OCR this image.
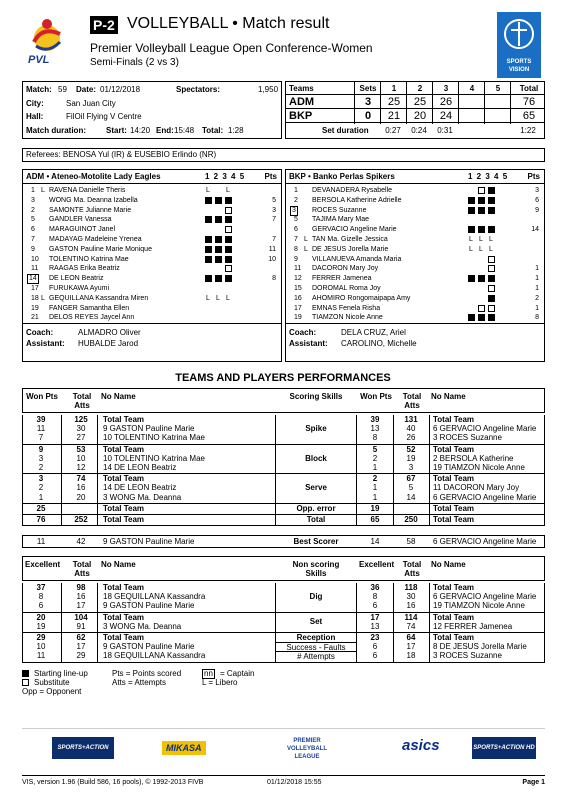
PVL
P-2 VOLLEYBALL • Match result
Premier Volleyball League Open Conference-Women
Semi-Finals (2 vs 3)	SPORTS VISION
Match: 59 Date: 01/12/2018	Spectators:	1,950
City:	San Juan City
Hall:	FilOil Flying V Centre
Match duration:	Start: 14:20 End: 15:48 Total: 1:28
Teams	Sets	1	2	3	4	5	Total
ADM	3	25	25	26	76
BKP	0	21	20	24	65
Set duration	0:27	0:24	0:31	1:22
Referees: BENOSA Yul (IR) & EUSEBIO Erlindo (NR)
ADM • Ateneo-Motolite Lady Eagles	1 2 3 4 5 Pts
1 L RAVENA Danielle Theris	L L
3 WONG Ma. Deanna Izabella	5
2 SAMONTE Julianne Marie	3
5 GANDLER Vanessa	7
6 MARAGUINOT Janel
7 MADAYAG Madeleine Yrenea	7
9 GASTON Pauline Marie Monique	11
10 TOLENTINO Katrina Mae	10
11 RAAGAS Erika Beatriz
14 DE LEON Beatriz	8
17 FURUKAWA Ayumi
18 L GEQUILLANA Kassandra Miren	L L L
19 FANGER Samantha Ellen
21 DELOS REYES Jaycel Ann
Coach:	ALMADRO Oliver
Assistant: HUBALDE Jarod
BKP • Banko Perlas Spikers	1 2 3 4 5 Pts
1 DEVANADERA Rysabelle	3
2 BERSOLA Katherine Adrielle	6
3 ROCES Suzanne	9
5 TAJIMA Mary Mae
6 GERVACIO Angeline Marie	14
7 L TAN Ma. Gizelle Jessica	L L L
8 L DE JESUS Jorella Marie	L L L
9 VILLANUEVA Amanda Maria
11 DACORON Mary Joy	1
12 FERRER Jamenea	1
15 DOROMAL Roma Joy	1
16 AHOMIRO Rongomaipapa Amy	2
17 EMNAS Fenela Risha	1
19 TIAMZON Nicole Anne	8
Coach:	DELA CRUZ, Ariel
Assistant: CAROLINO, Michelle
TEAMS AND PLAYERS PERFORMANCES
Won Pts	Total Atts
No Name	Scoring Skills	Won Pts	Total Atts
No Name
39	125	Total Team	39	131	Total Team
11	30	9 GASTON Pauline Marie	13	40	6 GERVACIO Angeline Marie
7	27	10 TOLENTINO Katrina Mae	8	26	3 ROCES Suzanne
Spike
9	53	Total Team	5	52	Total Team
3	10	10 TOLENTINO Katrina Mae	2	19	2 BERSOLA Katherine
2	12	14 DE LEON Beatriz	1	3	19 TIAMZON Nicole Anne
Block
3	74	Total Team	2	67	Total Team
2	16	14 DE LEON Beatriz	1	5	11 DACORON Mary Joy
1	20	3 WONG Ma. Deanna	1	14	6 GERVACIO Angeline Marie
Serve
25	Total Team	19	Total Team
Opp. error
76	252	Total Team	65	250	Total Team
Total
11	42	9 GASTON Pauline Marie	Best Scorer	14	58	6 GERVACIO Angeline Marie
Excellent	Total Atts
No Name	Non scoring Skills
Excellent	Total Atts
No Name
37	98	Total Team	36	118	Total Team
8	16	18 GEQUILLANA Kassandra	8	30	6 GERVACIO Angeline Marie
6	17	9 GASTON Pauline Marie	6	16	19 TIAMZON Nicole Anne
Dig
20	104	Total Team	17	114	Total Team
19	91	3 WONG Ma. Deanna	13	74	12 FERRER Jamenea
Set
29	62	Total Team	23	64	Total Team
10	17	9 GASTON Pauline Marie	6	17	8 DE JESUS Jorella Marie
11	29	18 GEQUILLANA Kassandra	6	18	3 ROCES Suzanne
Reception
Success - Faults
# Attempts
Starting line-up	Pts = Points scored	nn = Captain
Substitute	Atts = Attempts	L = Libero
Opp = Opponent
SPORTS+ACTION	MIKASA
PREMIER VOLLEYBALL LEAGUE
asics	SPORTS+ACTION HD
VIS, version 1.96 (Build 586, 16 pools), © 1992-2013 FIVB	01/12/2018 15:55	Page 1
